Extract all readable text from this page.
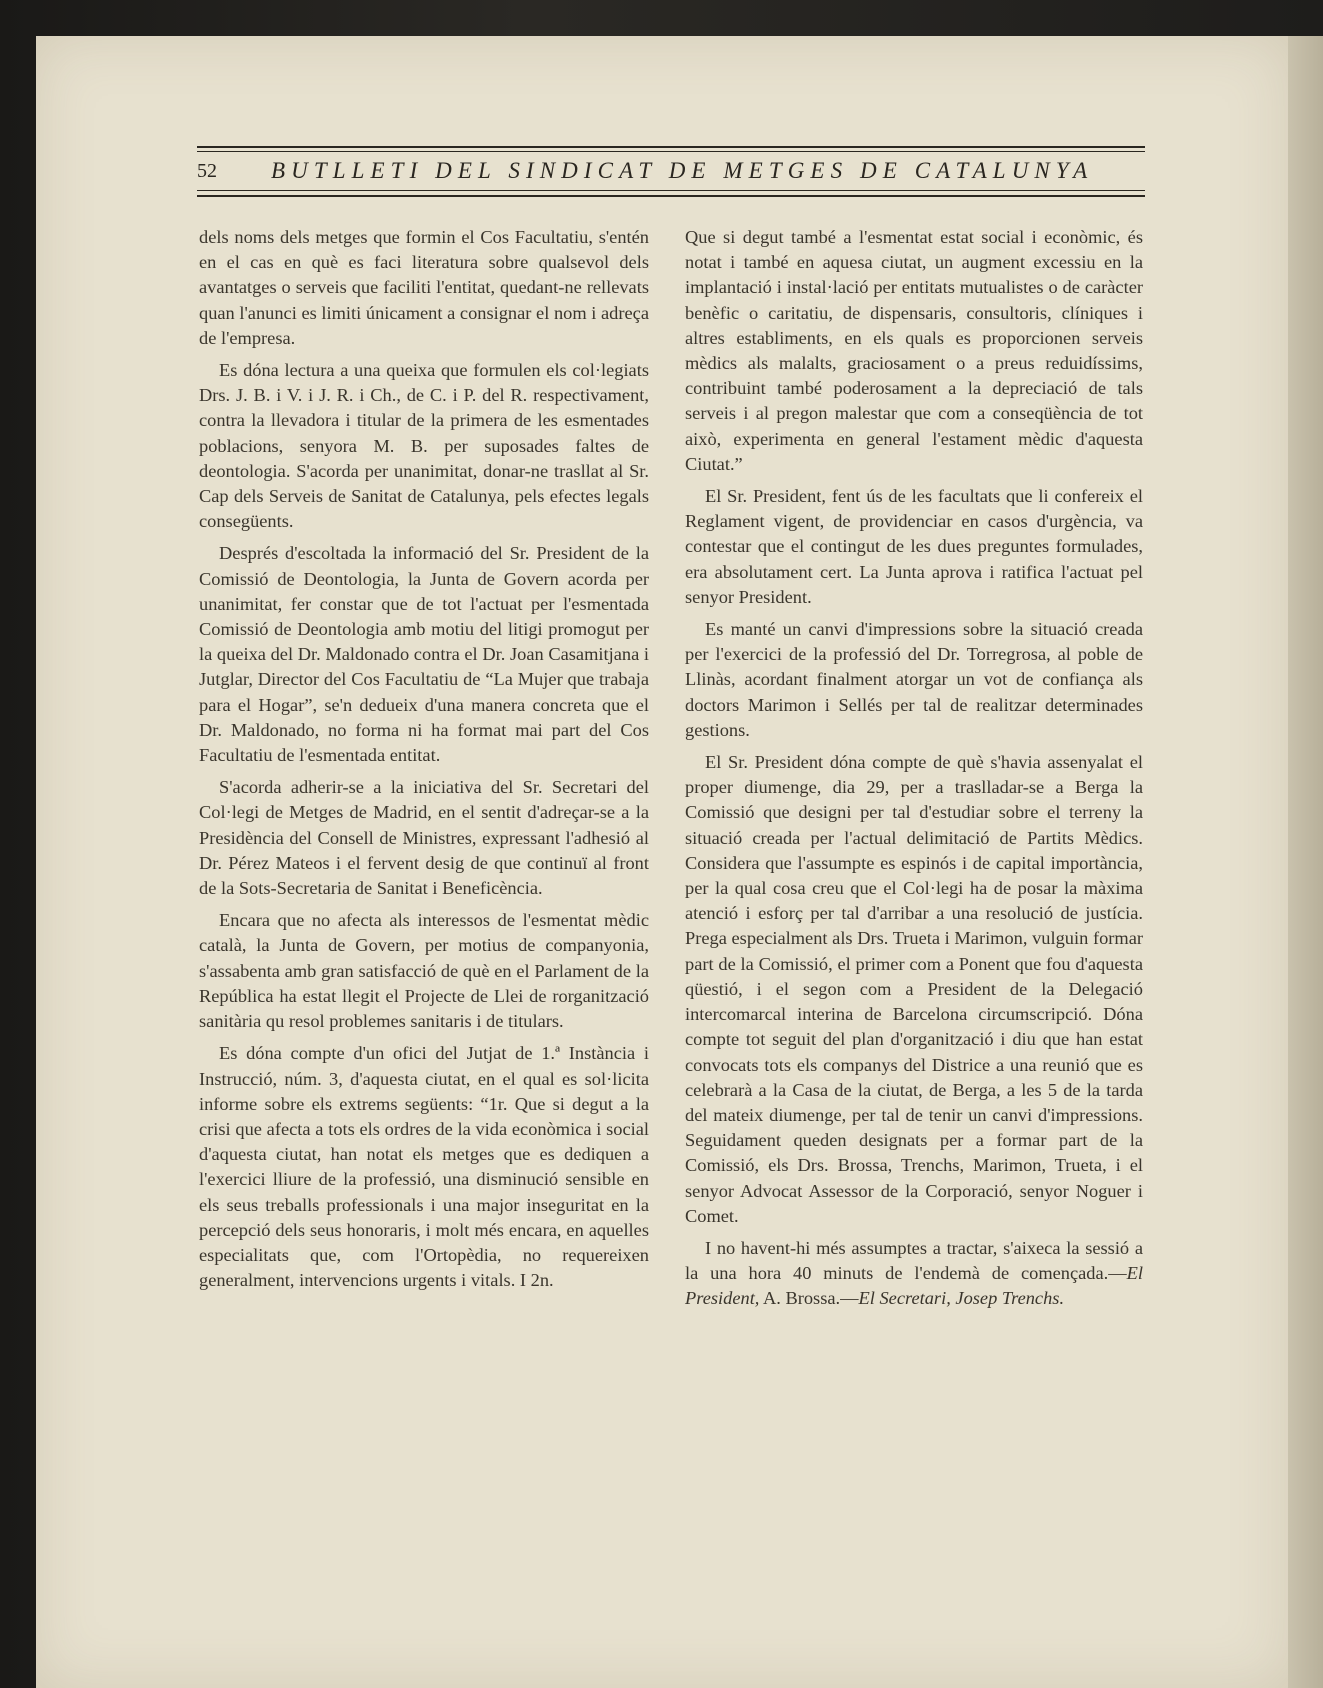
52 BUTLLETI DEL SINDICAT DE METGES DE CATALUNYA

dels noms dels metges que formin el Cos Facultatiu, s'entén en el cas en què es faci literatura sobre qualsevol dels avantatges o serveis que faciliti l'entitat, quedant-ne rellevats quan l'anunci es limiti únicament a consignar el nom i adreça de l'empresa.

Es dóna lectura a una queixa que formulen els col·legiats Drs. J. B. i V. i J. R. i Ch., de C. i P. del R. respectivament, contra la llevadora i titular de la primera de les esmentades poblacions, senyora M. B. per suposades faltes de deontologia. S'acorda per unanimitat, donar-ne trasllat al Sr. Cap dels Serveis de Sanitat de Catalunya, pels efectes legals consegüents.

Després d'escoltada la informació del Sr. President de la Comissió de Deontologia, la Junta de Govern acorda per unanimitat, fer constar que de tot l'actuat per l'esmentada Comissió de Deontologia amb motiu del litigi promogut per la queixa del Dr. Maldonado contra el Dr. Joan Casamitjana i Jutglar, Director del Cos Facultatiu de “La Mujer que trabaja para el Hogar”, se'n dedueix d'una manera concreta que el Dr. Maldonado, no forma ni ha format mai part del Cos Facultatiu de l'esmentada entitat.

S'acorda adherir-se a la iniciativa del Sr. Secretari del Col·legi de Metges de Madrid, en el sentit d'adreçar-se a la Presidència del Consell de Ministres, expressant l'adhesió al Dr. Pérez Mateos i el fervent desig de que continuï al front de la Sots-Secretaria de Sanitat i Beneficència.

Encara que no afecta als interessos de l'esmentat mèdic català, la Junta de Govern, per motius de companyonia, s'assabenta amb gran satisfacció de què en el Parlament de la República ha estat llegit el Projecte de Llei de rorganització sanitària qu resol problemes sanitaris i de titulars.

Es dóna compte d'un ofici del Jutjat de 1.ª Instància i Instrucció, núm. 3, d'aquesta ciutat, en el qual es sol·licita informe sobre els extrems següents: “1r. Que si degut a la crisi que afecta a tots els ordres de la vida econòmica i social d'aquesta ciutat, han notat els metges que es dediquen a l'exercici lliure de la professió, una disminució sensible en els seus treballs professionals i una major inseguritat en la percepció dels seus honoraris, i molt més encara, en aquelles especialitats que, com l'Ortopèdia, no requereixen generalment, intervencions urgents i vitals. I 2n.

Que si degut també a l'esmentat estat social i econòmic, és notat i també en aquesa ciutat, un augment excessiu en la implantació i instal·lació per entitats mutualistes o de caràcter benèfic o caritatiu, de dispensaris, consultoris, clíniques i altres establiments, en els quals es proporcionen serveis mèdics als malalts, graciosament o a preus reduidíssims, contribuint també poderosament a la depreciació de tals serveis i al pregon malestar que com a conseqüència de tot això, experimenta en general l'estament mèdic d'aquesta Ciutat.”

El Sr. President, fent ús de les facultats que li confereix el Reglament vigent, de providenciar en casos d'urgència, va contestar que el contingut de les dues preguntes formulades, era absolutament cert. La Junta aprova i ratifica l'actuat pel senyor President.

Es manté un canvi d'impressions sobre la situació creada per l'exercici de la professió del Dr. Torregrosa, al poble de Llinàs, acordant finalment atorgar un vot de confiança als doctors Marimon i Sellés per tal de realitzar determinades gestions.

El Sr. President dóna compte de què s'havia assenyalat el proper diumenge, dia 29, per a traslladar-se a Berga la Comissió que designi per tal d'estudiar sobre el terreny la situació creada per l'actual delimitació de Partits Mèdics. Considera que l'assumpte es espinós i de capital importància, per la qual cosa creu que el Col·legi ha de posar la màxima atenció i esforç per tal d'arribar a una resolució de justícia. Prega especialment als Drs. Trueta i Marimon, vulguin formar part de la Comissió, el primer com a Ponent que fou d'aquesta qüestió, i el segon com a President de la Delegació intercomarcal interina de Barcelona circumscripció. Dóna compte tot seguit del plan d'organització i diu que han estat convocats tots els companys del Districe a una reunió que es celebrarà a la Casa de la ciutat, de Berga, a les 5 de la tarda del mateix diumenge, per tal de tenir un canvi d'impressions. Seguidament queden designats per a formar part de la Comissió, els Drs. Brossa, Trenchs, Marimon, Trueta, i el senyor Advocat Assessor de la Corporació, senyor Noguer i Comet.

I no havent-hi més assumptes a tractar, s'aixeca la sessió a la una hora 40 minuts de l'endemà de començada.—El President, A. Brossa.—El Secretari, Josep Trenchs.
